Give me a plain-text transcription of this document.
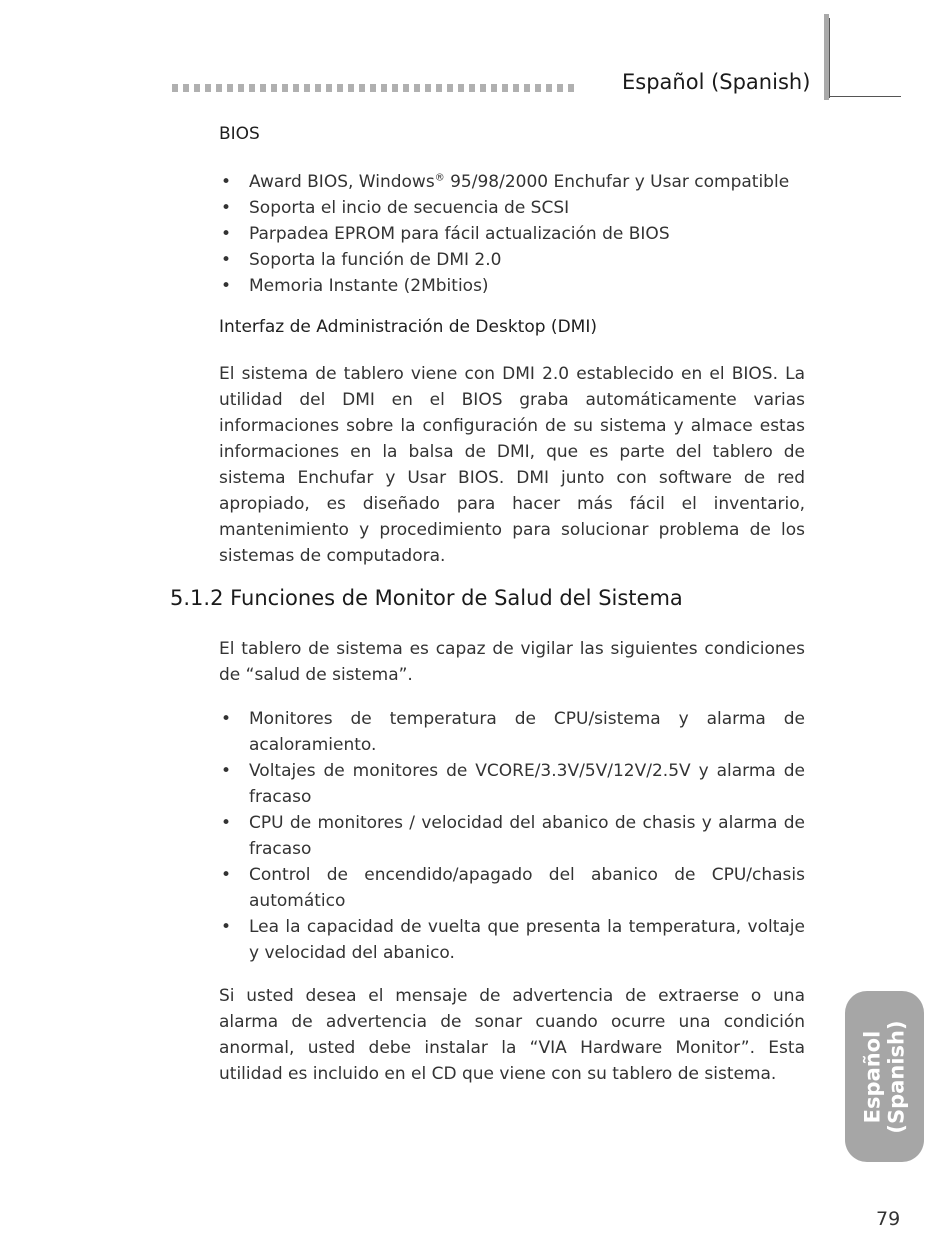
Español (Spanish)
BIOS
• Award BIOS, Windows® 95/98/2000 Enchufar y Usar compatible
• Soporta el incio de secuencia de SCSI
• Parpadea EPROM para fácil actualización de BIOS
• Soporta la función de DMI 2.0
• Memoria Instante (2Mbitios)
Interfaz de Administración de Desktop (DMI)
El sistema de tablero viene con DMI 2.0 establecido en el BIOS. La utilidad del DMI en el BIOS graba automáticamente varias informaciones sobre la configuración de su sistema y almace estas informaciones en la balsa de DMI, que es parte del tablero de sistema Enchufar y Usar BIOS. DMI junto con software de red apropiado, es diseñado para hacer más fácil el inventario, mantenimiento y procedimiento para solucionar problema de los sistemas de computadora.
5.1.2 Funciones de Monitor de Salud del Sistema
El tablero de sistema es capaz de vigilar las siguientes condiciones de “salud de sistema”.
• Monitores de temperatura de CPU/sistema y alarma de acaloramiento.
• Voltajes de monitores de VCORE/3.3V/5V/12V/2.5V y alarma de fracaso
• CPU de monitores / velocidad del abanico de chasis y alarma de fracaso
• Control de encendido/apagado del abanico de CPU/chasis automático
• Lea la capacidad de vuelta que presenta la temperatura, voltaje y velocidad del abanico.
Si usted desea el mensaje de advertencia de extraerse o una alarma de advertencia de sonar cuando ocurre una condición anormal, usted debe instalar la “VIA Hardware Monitor”. Esta utilidad es incluido en el CD que viene con su tablero de sistema.	Español (Spanish)
79
